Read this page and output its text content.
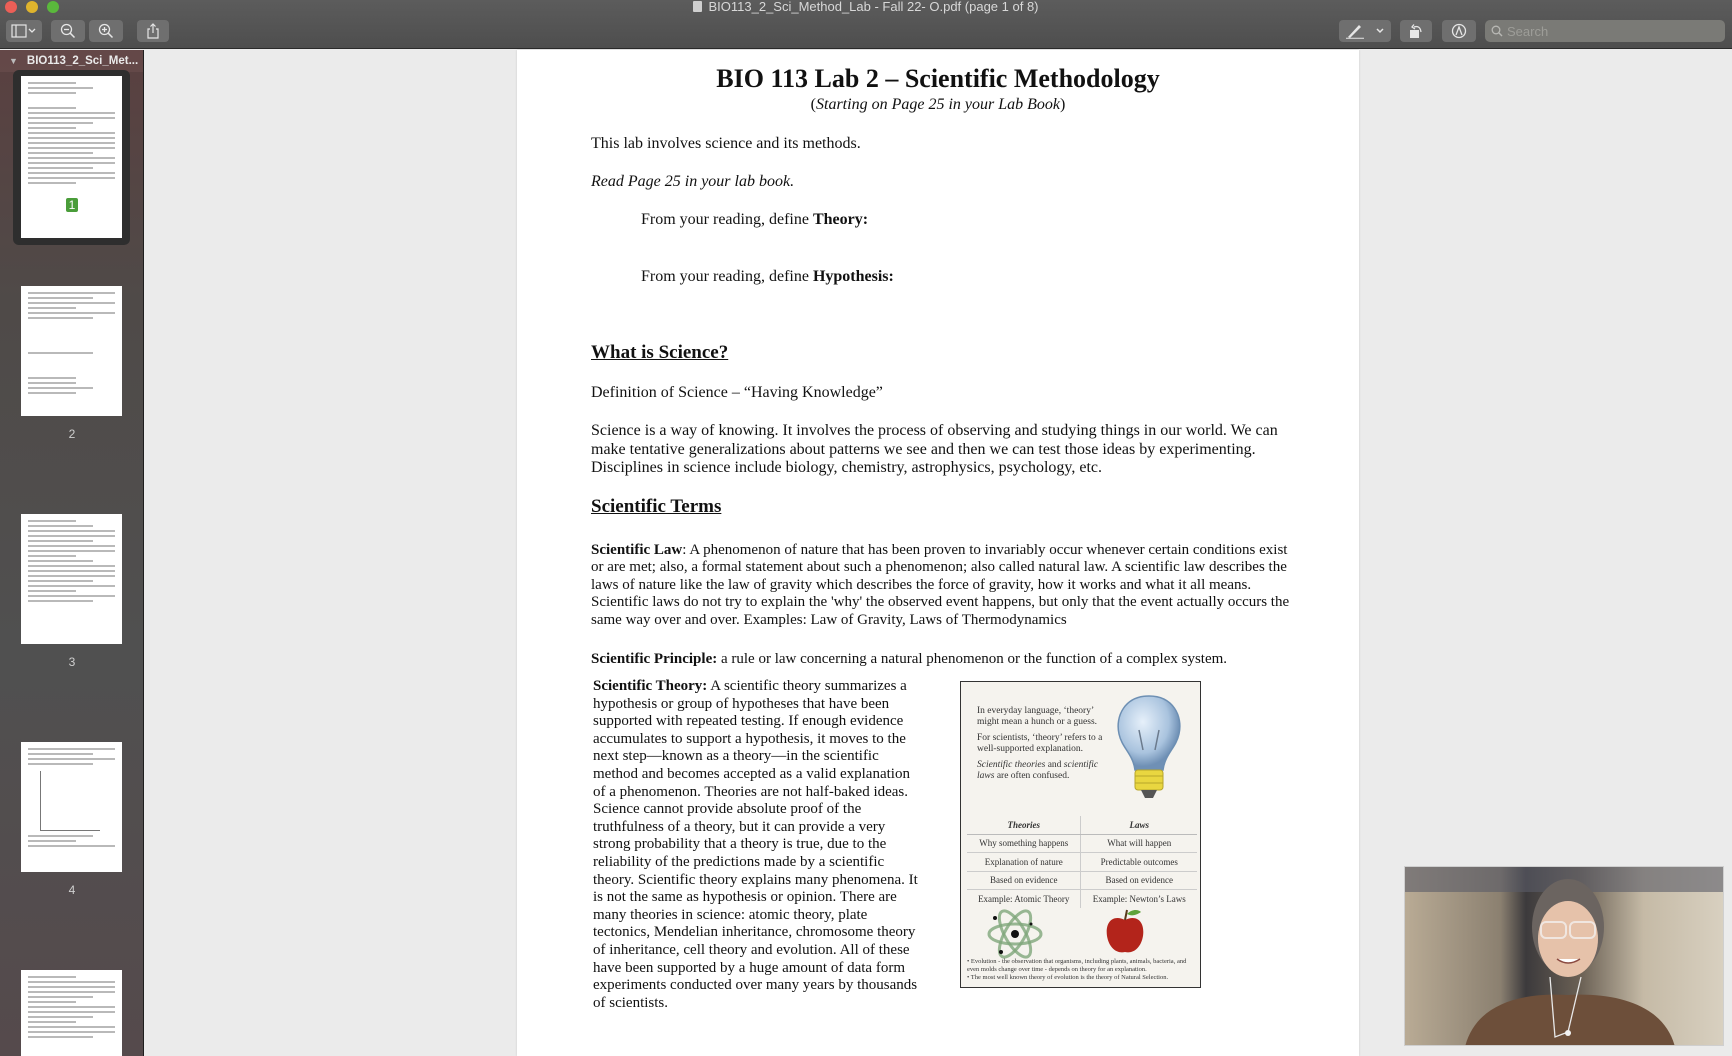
BIO113_2_Sci_Method_Lab - Fall 22- O.pdf (page 1 of 8)
Search
▼ BIO113_2_Sci_Met...
1
2
3
4
BIO 113 Lab 2 – Scientific Methodology
(Starting on Page 25 in your Lab Book)
This lab involves science and its methods.
Read Page 25 in your lab book.
From your reading, define Theory:
From your reading, define Hypothesis:
What is Science?
Definition of Science – “Having Knowledge”
Science is a way of knowing. It involves the process of observing and studying things in our world. We can make tentative generalizations about patterns we see and then we can test those ideas by experimenting. Disciplines in science include biology, chemistry, astrophysics, psychology, etc.
Scientific Terms
Scientific Law: A phenomenon of nature that has been proven to invariably occur whenever certain conditions exist or are met; also, a formal statement about such a phenomenon; also called natural law. A scientific law describes the laws of nature like the law of gravity which describes the force of gravity, how it works and what it all means. Scientific laws do not try to explain the 'why' the observed event happens, but only that the event actually occurs the same way over and over. Examples: Law of Gravity, Laws of Thermodynamics
Scientific Principle: a rule or law concerning a natural phenomenon or the function of a complex system.
Scientific Theory: A scientific theory summarizes a hypothesis or group of hypotheses that have been supported with repeated testing. If enough evidence accumulates to support a hypothesis, it moves to the next step—known as a theory—in the scientific method and becomes accepted as a valid explanation of a phenomenon. Theories are not half-baked ideas. Science cannot provide absolute proof of the truthfulness of a theory, but it can provide a very strong probability that a theory is true, due to the reliability of the predictions made by a scientific theory. Scientific theory explains many phenomena. It is not the same as hypothesis or opinion. There are many theories in science: atomic theory, plate tectonics, Mendelian inheritance, chromosome theory of inheritance, cell theory and evolution. All of these have been supported by a huge amount of data form experiments conducted over many years by thousands of scientists.

In everyday language, ‘theory’ might mean a hunch or a guess.

For scientists, ‘theory’ refers to a well-supported explanation.

Scientific theories and scientific laws are often confused.

Theories	Laws
Why something happens	What will happen
Explanation of nature	Predictable outcomes
Based on evidence	Based on evidence
Example: Atomic Theory	Example: Newton’s Laws
• Evolution - the observation that organisms, including plants, animals, bacteria, and even molds change over time - depends on theory for an explanation.
• The most well known theory of evolution is the theory of Natural Selection.
